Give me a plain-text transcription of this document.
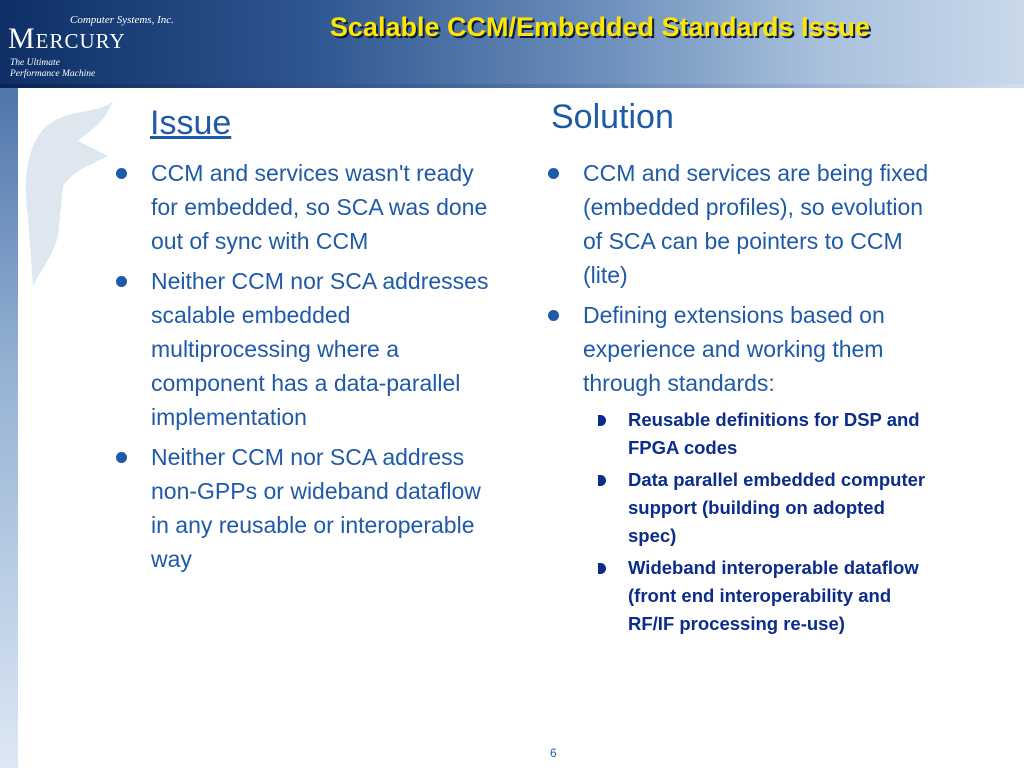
Computer Systems, Inc.
Mercury
The Ultimate
Performance Machine
Scalable CCM/Embedded Standards Issue
Issue	Solution
CCM and services wasn't ready for embedded, so SCA was done out of sync with CCM
Neither CCM nor SCA addresses scalable embedded multiprocessing where a component has a data-parallel implementation
Neither CCM nor SCA address non-GPPs or wideband dataflow in any reusable or interoperable way
CCM and services are being fixed (embedded profiles), so evolution of SCA can be pointers to CCM (lite)
Defining extensions based on experience and working them through standards:
Reusable definitions for DSP and FPGA codes
Data parallel embedded computer support (building on adopted spec)
Wideband interoperable dataflow (front end interoperability and RF/IF processing re-use)
6
